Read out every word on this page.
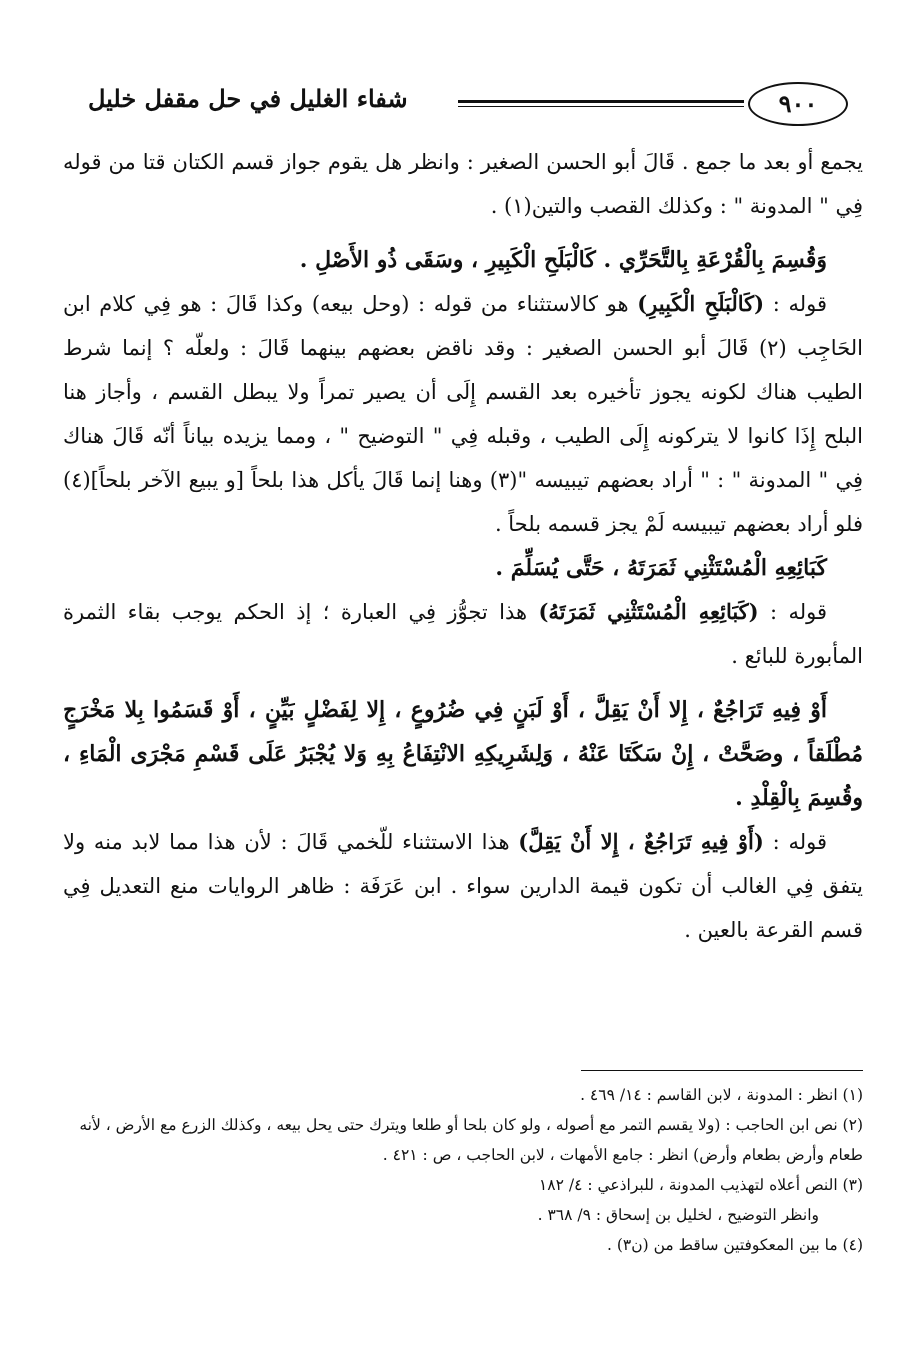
٩٠٠
شفاء الغليل في حل مقفل خليل

يجمع أو بعد ما جمع . قَالَ أبو الحسن الصغير : وانظر هل يقوم جواز قسم الكتان قتا من قوله فِي " المدونة " : وكذلك القصب والتين(١) .

وَقُسِمَ بِالْقُرْعَةِ بِالتَّحَرِّي . كَالْبَلَحِ الْكَبِيرِ ، وسَقَى ذُو الأَصْلِ .

قوله : (كَالْبَلَحِ الْكَبِيرِ) هو كالاستثناء من قوله : (وحل بيعه) وكذا قَالَ : هو فِي كلام ابن الحَاجِب (٢) قَالَ أبو الحسن الصغير : وقد ناقض بعضهم بينهما قَالَ : ولعلّه ؟ إنما شرط الطيب هناك لكونه يجوز تأخيره بعد القسم إِلَى أن يصير تمراً ولا يبطل القسم ، وأجاز هنا البلح إِذَا كانوا لا يتركونه إِلَى الطيب ، وقبله فِي " التوضيح " ، ومما يزيده بياناً أنّه قَالَ هناك فِي " المدونة " : " أراد بعضهم تيبيسه "(٣) وهنا إنما قَالَ يأكل هذا بلحاً [و يبيع الآخر بلحاً](٤) فلو أراد بعضهم تيبيسه لَمْ يجز قسمه بلحاً .

كَبَائِعِهِ الْمُسْتَثْنِي ثَمَرَتَهُ ، حَتَّى يُسَلِّمَ .

قوله : (كَبَائِعِهِ الْمُسْتَثْنِي ثَمَرَتَهُ) هذا تجوُّز فِي العبارة ؛ إذ الحكم يوجب بقاء الثمرة المأبورة للبائع .

أَوْ فِيهِ تَرَاجُعٌ ، إِلا أَنْ يَقِلَّ ، أَوْ لَبَنٍ فِي ضُرُوعٍ ، إِلا لِفَضْلٍ بَيِّنٍ ، أَوْ قَسَمُوا بِلا مَخْرَجٍ مُطْلَقاً ، وصَحَّتْ ، إِنْ سَكَتَا عَنْهُ ، وَلِشَرِيكِهِ الانْتِفَاعُ بِهِ وَلا يُجْبَرُ عَلَى قَسْمِ مَجْرَى الْمَاءِ ، وقُسِمَ بِالْقِلْدِ .

قوله : (أَوْ فِيهِ تَرَاجُعٌ ، إِلا أَنْ يَقِلَّ) هذا الاستثناء للّخمي قَالَ : لأن هذا مما لابد منه ولا يتفق فِي الغالب أن تكون قيمة الدارين سواء . ابن عَرَفَة : ظاهر الروايات منع التعديل فِي قسم القرعة بالعين .

(١) انظر : المدونة ، لابن القاسم : ١٤/ ٤٦٩ .

(٢) نص ابن الحاجب : (ولا يقسم التمر مع أصوله ، ولو كان بلحا أو طلعا ويترك حتى يحل بيعه ، وكذلك الزرع مع الأرض ، لأنه طعام وأرض بطعام وأرض) انظر : جامع الأمهات ، لابن الحاجب ، ص : ٤٢١ .

(٣) النص أعلاه لتهذيب المدونة ، للبراذعي : ٤/ ١٨٢

وانظر التوضيح ، لخليل بن إسحاق : ٩/ ٣٦٨ .

(٤) ما بين المعكوفتين ساقط من (ن٣) .
